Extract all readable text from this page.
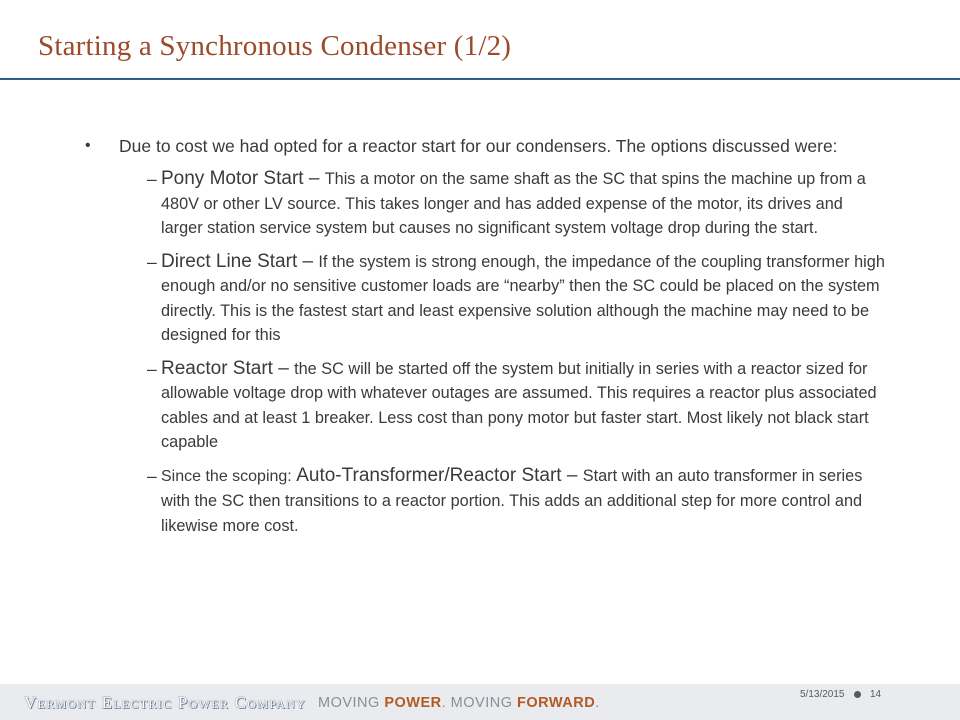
Starting a Synchronous Condenser (1/2)
•	Due to cost we had opted for a reactor start for our condensers. The options discussed were:
– Pony Motor Start – This a motor on the same shaft as the SC that spins the machine up from a 480V or other LV source. This takes longer and has added expense of the motor, its drives and larger station service system but causes no significant system voltage drop during the start.
– Direct Line Start – If the system is strong enough, the impedance of the coupling transformer high enough and/or no sensitive customer loads are “nearby” then the SC could be placed on the system directly. This is the fastest start and least expensive solution although the machine may need to be designed for this
– Reactor Start – the SC will be started off the system but initially in series with a reactor sized for allowable voltage drop with whatever outages are assumed. This requires a reactor plus associated cables and at least 1 breaker. Less cost than pony motor but faster start. Most likely not black start capable
– Since the scoping: Auto-Transformer/Reactor Start – Start with an auto transformer in series with the SC then transitions to a reactor portion. This adds an additional step for more control and likewise more cost.
Vermont Electric Power Company MOVING POWER. MOVING FORWARD.
5/13/2015	14
